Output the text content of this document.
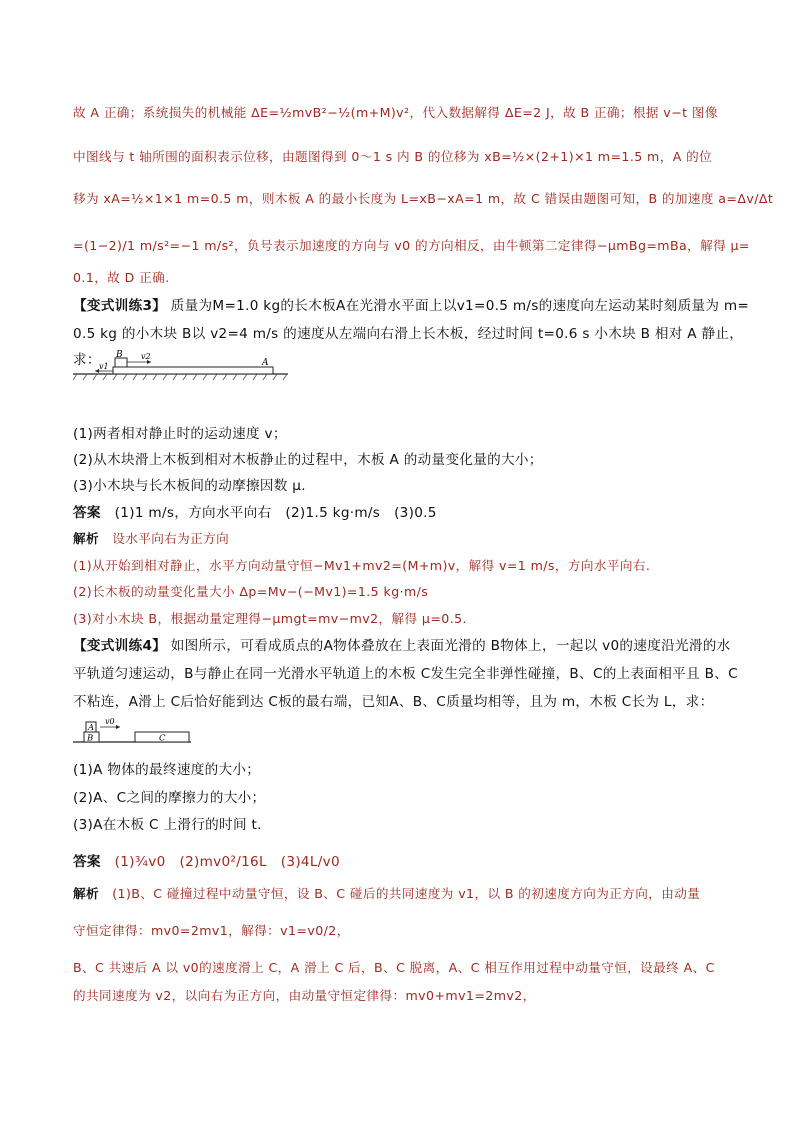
故 A 正确；系统损失的机械能 ΔE=½mvB²−½(m+M)v²，代入数据解得 ΔE=2 J，故 B 正确；根据 v−t 图像
中图线与 t 轴所围的面积表示位移，由题图得到 0～1 s 内 B 的位移为 xB=½×(2+1)×1 m=1.5 m，A 的位
移为 xA=½×1×1 m=0.5 m，则木板 A 的最小长度为 L=xB−xA=1 m，故 C 错误由题图可知，B 的加速度 a=Δv/Δt
=(1−2)/1 m/s²=−1 m/s²，负号表示加速度的方向与 v0 的方向相反，由牛顿第二定律得−μmBg=mBa，解得 μ=
0.1，故 D 正确.
【变式训练3】 质量为M=1.0 kg的长木板A在光滑水平面上以v1=0.5 m/s的速度向左运动某时刻质量为 m=
0.5 kg 的小木块 B以 v2=4 m/s 的速度从左端向右滑上长木板，经过时间 t=0.6 s 小木块 B 相对 A 静止，
求：
v1
B v2
A
(1)两者相对静止时的运动速度 v；
(2)从木块滑上木板到相对木板静止的过程中，木板 A 的动量变化量的大小；
(3)小木块与长木板间的动摩擦因数 μ.
答案 (1)1 m/s，方向水平向右　(2)1.5 kg·m/s　(3)0.5
解析 设水平向右为正方向
(1)从开始到相对静止，水平方向动量守恒−Mv1+mv2=(M+m)v，解得 v=1 m/s，方向水平向右.
(2)长木板的动量变化量大小 Δp=Mv−(−Mv1)=1.5 kg·m/s
(3)对小木块 B，根据动量定理得−μmgt=mv−mv2，解得 μ=0.5.
【变式训练4】 如图所示，可看成质点的A物体叠放在上表面光滑的 B物体上，一起以 v0的速度沿光滑的水
平轨道匀速运动，B与静止在同一光滑水平轨道上的木板 C发生完全非弹性碰撞，B、C的上表面相平且 B、C
不粘连，A滑上 C后恰好能到达 C板的最右端，已知A、B、C质量均相等，且为 m，木板 C长为 L，求：
A
B
v0
C
(1)A 物体的最终速度的大小；
(2)A、C之间的摩擦力的大小；
(3)A在木板 C 上滑行的时间 t.
答案 (1)¾v0 (2)mv0²/16L (3)4L/v0
解析 (1)B、C 碰撞过程中动量守恒，设 B、C 碰后的共同速度为 v1，以 B 的初速度方向为正方向，由动量
守恒定律得：mv0=2mv1，解得：v1=v0/2，
B、C 共速后 A 以 v0的速度滑上 C，A 滑上 C 后，B、C 脱离，A、C 相互作用过程中动量守恒，设最终 A、C
的共同速度为 v2，以向右为正方向，由动量守恒定律得：mv0+mv1=2mv2，
